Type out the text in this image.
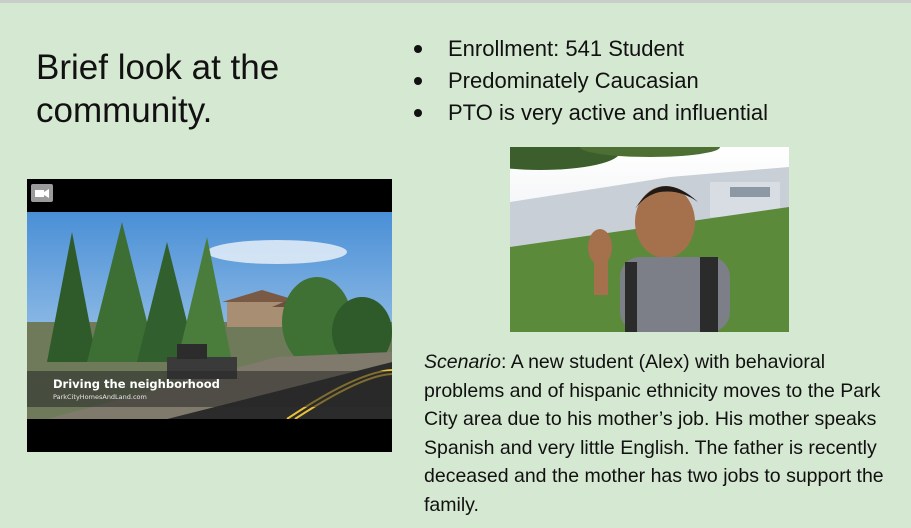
Brief look at the community.
Enrollment: 541 Student
Predominately Caucasian
PTO is very active and influential
Driving the neighborhood
ParkCityHomesAndLand.com
Scenario: A new student (Alex) with behavioral problems and of hispanic ethnicity moves to the Park City area due to his mother’s job. His mother speaks Spanish and very little English. The father is recently deceased and the mother has two jobs to support the family.
